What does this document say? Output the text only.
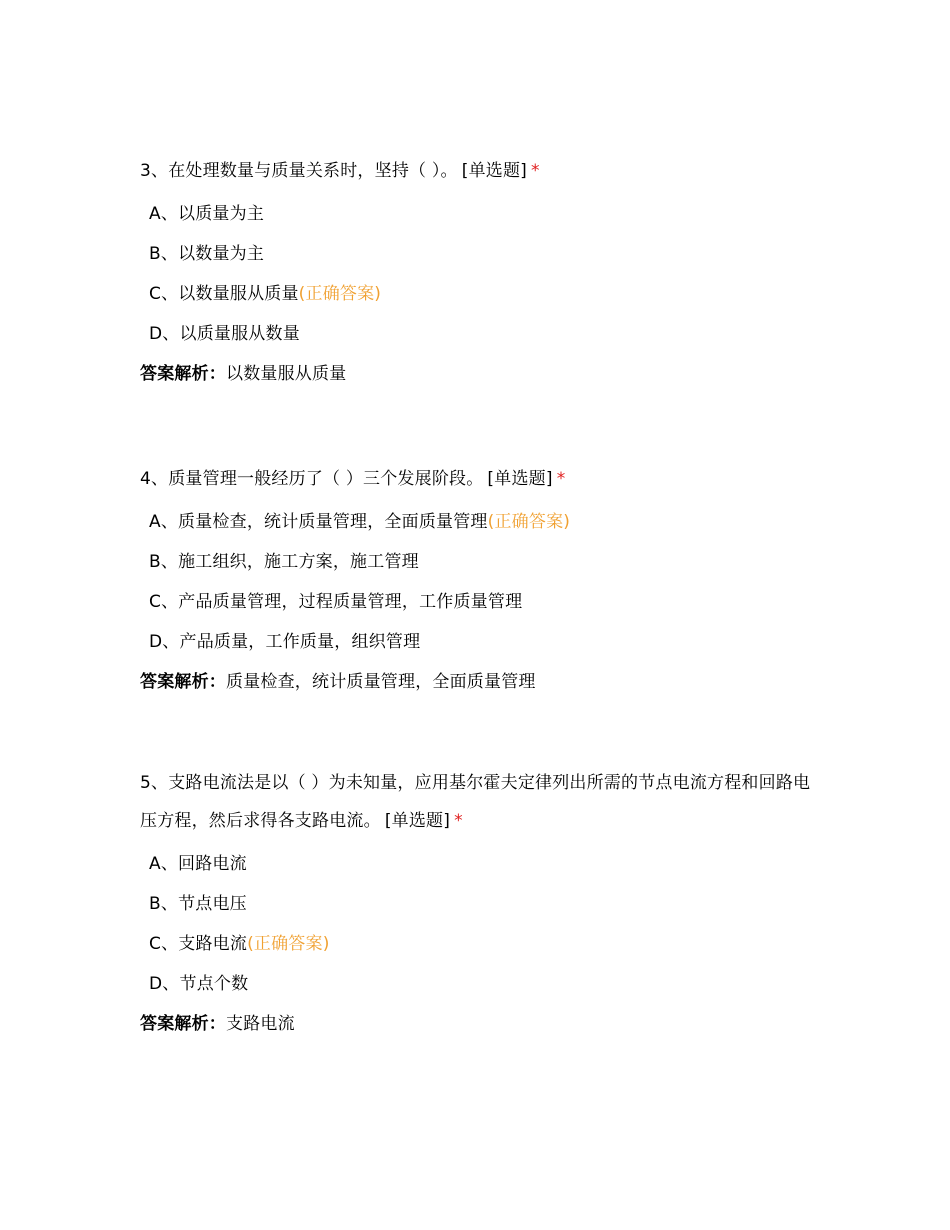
3、在处理数量与质量关系时，坚持（ ）。 [单选题] *

A、以质量为主
B、以数量为主
C、以数量服从质量(正确答案)
D、以质量服从数量

答案解析：以数量服从质量

4、质量管理一般经历了（ ）三个发展阶段。 [单选题] *

A、质量检查，统计质量管理，全面质量管理(正确答案)
B、施工组织，施工方案，施工管理
C、产品质量管理，过程质量管理，工作质量管理
D、产品质量，工作质量，组织管理

答案解析：质量检查，统计质量管理，全面质量管理

5、支路电流法是以（ ）为未知量，应用基尔霍夫定律列出所需的节点电流方程和回路电压方程，然后求得各支路电流。 [单选题] *

A、回路电流
B、节点电压
C、支路电流(正确答案)
D、节点个数

答案解析：支路电流
